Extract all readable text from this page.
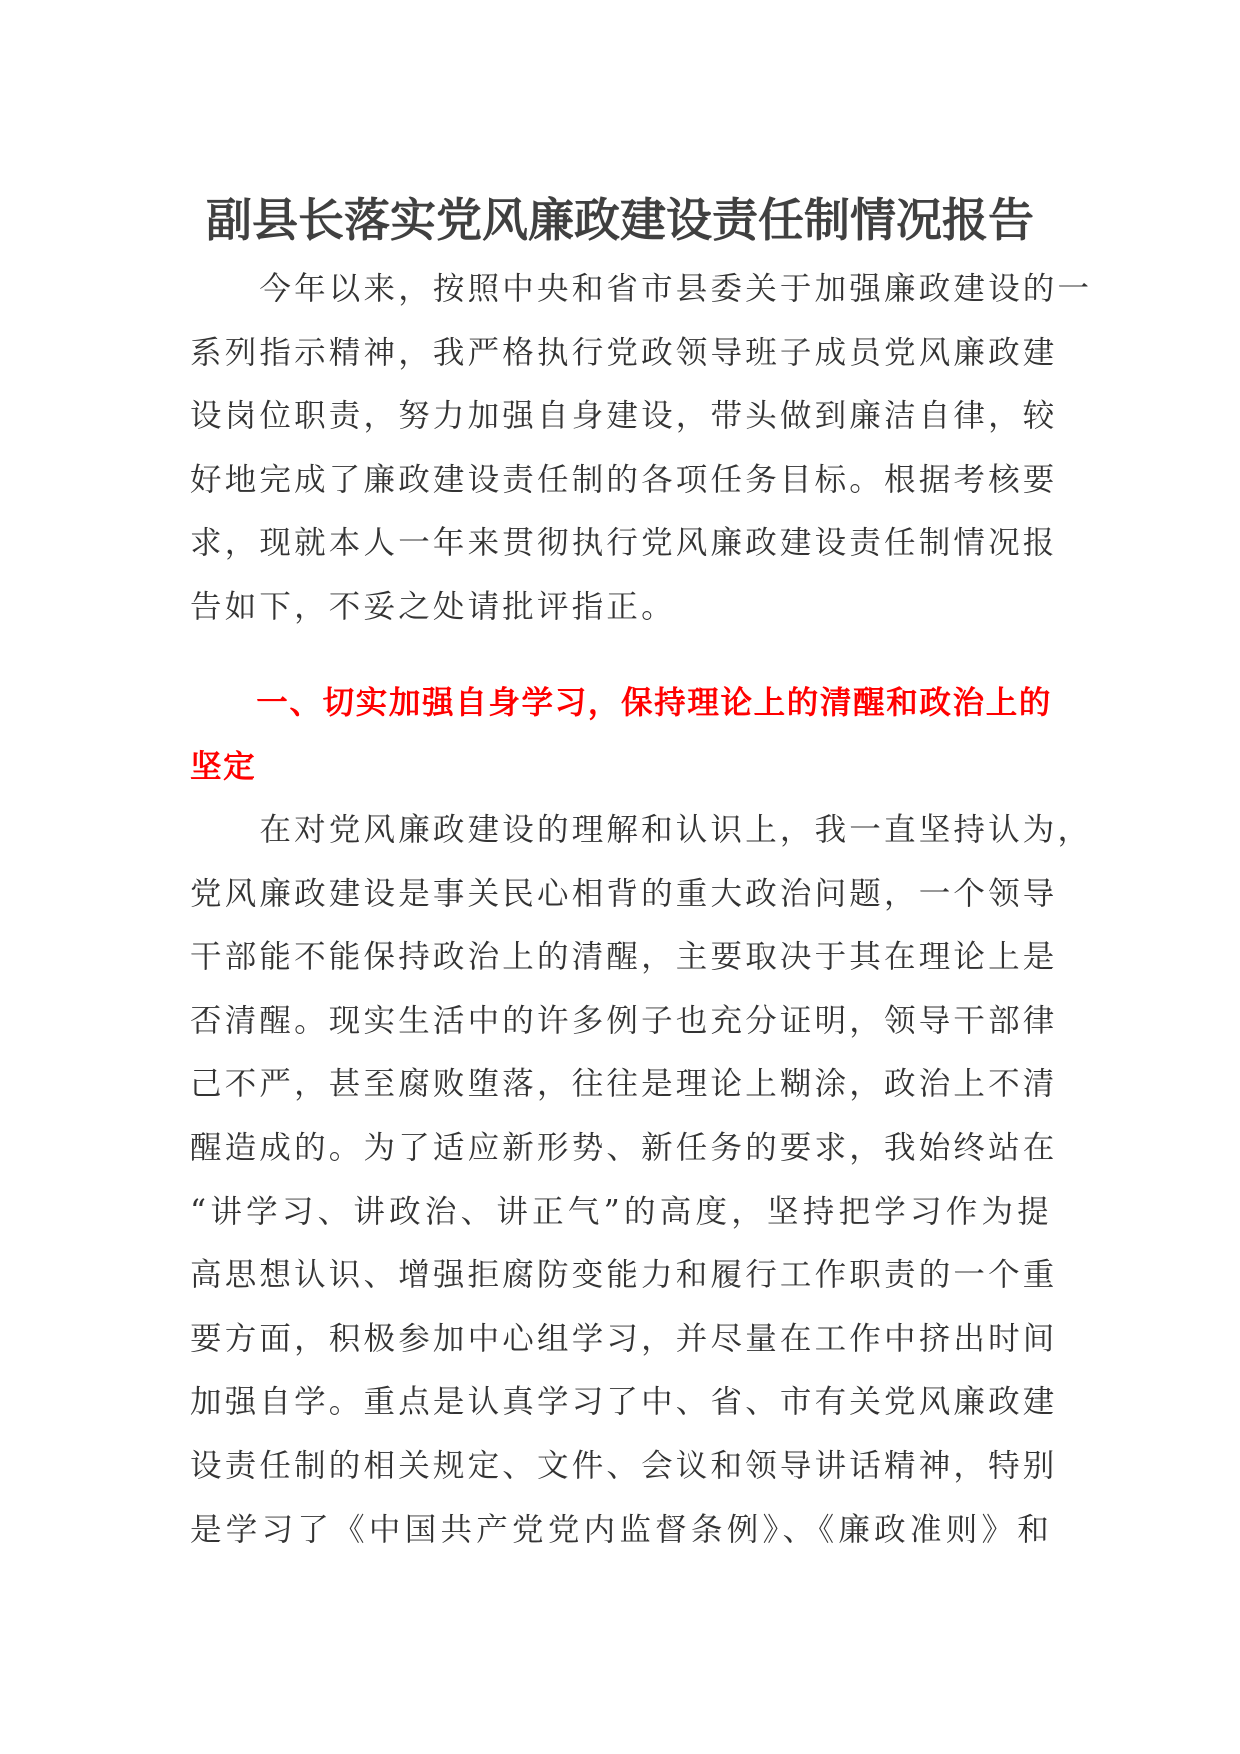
副县长落实党风廉政建设责任制情况报告
　　今年以来，按照中央和省市县委关于加强廉政建设的一
系列指示精神，我严格执行党政领导班子成员党风廉政建
设岗位职责，努力加强自身建设，带头做到廉洁自律，较
好地完成了廉政建设责任制的各项任务目标。根据考核要
求，现就本人一年来贯彻执行党风廉政建设责任制情况报
告如下，不妥之处请批评指正。
　　一、切实加强自身学习，保持理论上的清醒和政治上的
坚定
　　在对党风廉政建设的理解和认识上，我一直坚持认为，
党风廉政建设是事关民心相背的重大政治问题，一个领导
干部能不能保持政治上的清醒，主要取决于其在理论上是
否清醒。现实生活中的许多例子也充分证明，领导干部律
己不严，甚至腐败堕落，往往是理论上糊涂，政治上不清
醒造成的。为了适应新形势、新任务的要求，我始终站在
“讲学习、讲政治、讲正气”的高度，坚持把学习作为提
高思想认识、增强拒腐防变能力和履行工作职责的一个重
要方面，积极参加中心组学习，并尽量在工作中挤出时间
加强自学。重点是认真学习了中、省、市有关党风廉政建
设责任制的相关规定、文件、会议和领导讲话精神，特别
是学习了《中国共产党党内监督条例》、《廉政准则》和
